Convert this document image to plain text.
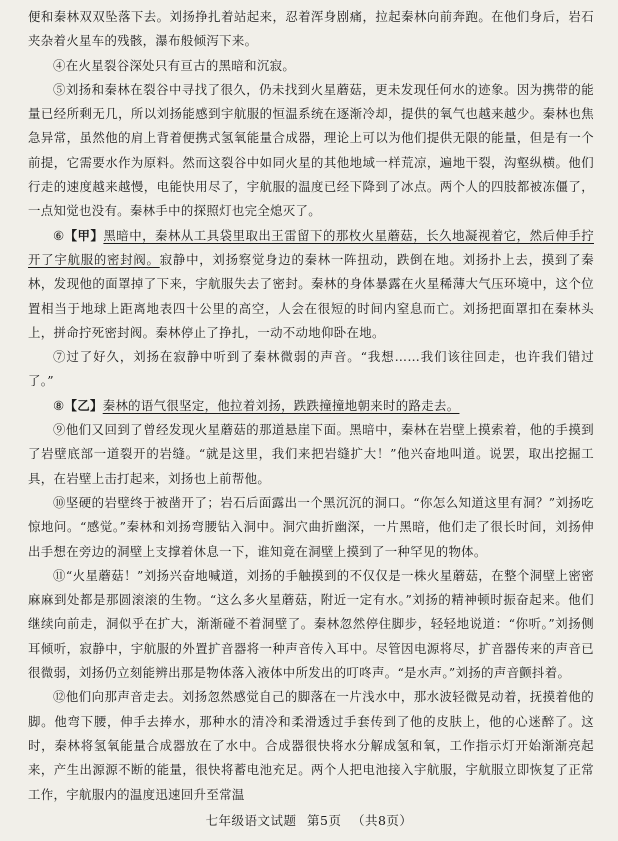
便和秦林双双坠落下去。刘扬挣扎着站起来，忍着浑身剧痛，拉起秦林向前奔跑。在他们身后，岩石夹杂着火星车的残骸，瀑布般倾泻下来。

④在火星裂谷深处只有亘古的黑暗和沉寂。

⑤刘扬和秦林在裂谷中寻找了很久，仍未找到火星蘑菇，更未发现任何水的迹象。因为携带的能量已经所剩无几，所以刘扬能感到宇航服的恒温系统在逐渐冷却，提供的氧气也越来越少。秦林也焦急异常，虽然他的肩上背着便携式氢氧能量合成器，理论上可以为他们提供无限的能量，但是有一个前提，它需要水作为原料。然而这裂谷中如同火星的其他地域一样荒凉，遍地干裂，沟壑纵横。他们行走的速度越来越慢，电能快用尽了，宇航服的温度已经下降到了冰点。两个人的四肢都被冻僵了，一点知觉也没有。秦林手中的探照灯也完全熄灭了。

⑥【甲】黑暗中，秦林从工具袋里取出王雷留下的那枚火星蘑菇，长久地凝视着它，然后伸手拧开了宇航服的密封阀。寂静中，刘扬察觉身边的秦林一阵扭动，跌倒在地。刘扬扑上去，摸到了秦林，发现他的面罩掉了下来，宇航服失去了密封。秦林的身体暴露在火星稀薄大气压环境中，这个位置相当于地球上距离地表四十公里的高空，人会在很短的时间内窒息而亡。刘扬把面罩扣在秦林头上，拼命拧死密封阀。秦林停止了挣扎，一动不动地仰卧在地。

⑦过了好久，刘扬在寂静中听到了秦林微弱的声音。“我想……我们该往回走，也许我们错过了。”

⑧【乙】秦林的语气很坚定，他拉着刘扬，跌跌撞撞地朝来时的路走去。

⑨他们又回到了曾经发现火星蘑菇的那道悬崖下面。黑暗中，秦林在岩壁上摸索着，他的手摸到了岩壁底部一道裂开的岩缝。“就是这里，我们来把岩缝扩大！”他兴奋地叫道。说罢，取出挖掘工具，在岩壁上击打起来，刘扬也上前帮他。

⑩坚硬的岩壁终于被凿开了；岩石后面露出一个黑沉沉的洞口。“你怎么知道这里有洞？”刘扬吃惊地问。“感觉。”秦林和刘扬弯腰钻入洞中。洞穴曲折幽深，一片黑暗，他们走了很长时间，刘扬伸出手想在旁边的洞壁上支撑着休息一下，谁知竟在洞壁上摸到了一种罕见的物体。

⑪“火星蘑菇！”刘扬兴奋地喊道，刘扬的手触摸到的不仅仅是一株火星蘑菇，在整个洞壁上密密麻麻到处都是那圆滚滚的生物。“这么多火星蘑菇，附近一定有水。”刘扬的精神顿时振奋起来。他们继续向前走，洞似乎在扩大，渐渐碰不着洞壁了。秦林忽然停住脚步，轻轻地说道：“你听。”刘扬侧耳倾听，寂静中，宇航服的外置扩音器将一种声音传入耳中。尽管因电源将尽，扩音器传来的声音已很微弱，刘扬仍立刻能辨出那是物体落入液体中所发出的叮咚声。“是水声。”刘扬的声音颤抖着。

⑫他们向那声音走去。刘扬忽然感觉自己的脚落在一片浅水中，那水波轻微晃动着，抚摸着他的脚。他弯下腰，伸手去捧水，那种水的清冷和柔滑透过手套传到了他的皮肤上，他的心迷醉了。这时，秦林将氢氧能量合成器放在了水中。合成器很快将水分解成氢和氧，工作指示灯开始渐渐亮起来，产生出源源不断的能量，很快将蓄电池充足。两个人把电池接入宇航服，宇航服立即恢复了正常工作，宇航服内的温度迅速回升至常温

七年级语文试题 第5页 （共8页）
